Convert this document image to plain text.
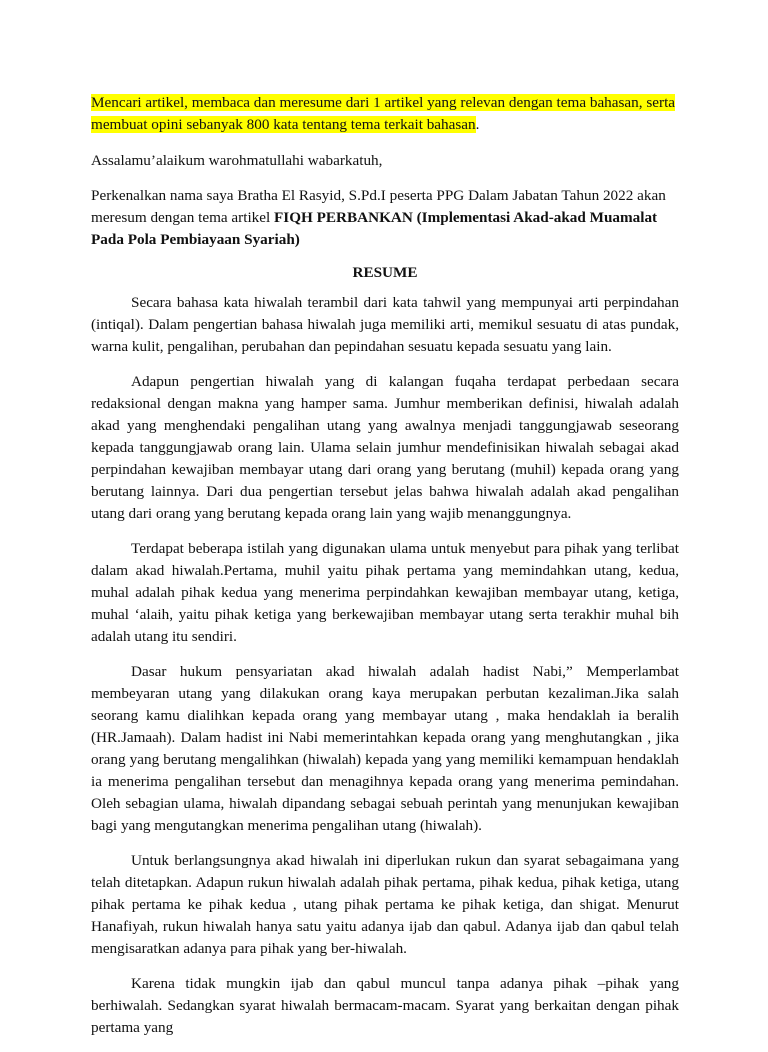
Mencari artikel, membaca dan meresume dari 1 artikel yang relevan dengan tema bahasan, serta membuat opini sebanyak 800 kata tentang tema terkait bahasan.

Assalamu’alaikum warohmatullahi wabarkatuh,

Perkenalkan nama saya Bratha El Rasyid, S.Pd.I peserta PPG Dalam Jabatan Tahun 2022 akan meresum dengan tema artikel FIQH PERBANKAN (Implementasi Akad-akad Muamalat Pada Pola Pembiayaan Syariah)

RESUME

Secara bahasa kata hiwalah terambil dari kata tahwil yang mempunyai arti perpindahan (intiqal). Dalam pengertian bahasa hiwalah juga memiliki arti, memikul sesuatu di atas pundak, warna kulit, pengalihan, perubahan dan pepindahan sesuatu kepada sesuatu yang lain.

Adapun pengertian hiwalah yang di kalangan fuqaha terdapat perbedaan secara redaksional dengan makna yang hamper sama. Jumhur memberikan definisi, hiwalah adalah akad yang menghendaki pengalihan utang yang awalnya menjadi tanggungjawab seseorang kepada tanggungjawab orang lain. Ulama selain jumhur mendefinisikan hiwalah sebagai akad perpindahan kewajiban membayar utang dari orang yang berutang (muhil) kepada orang yang berutang lainnya. Dari dua pengertian tersebut jelas bahwa hiwalah adalah akad pengalihan utang dari orang yang berutang kepada orang lain yang wajib menanggungnya.

Terdapat beberapa istilah yang digunakan ulama untuk menyebut para pihak yang terlibat dalam akad hiwalah.Pertama, muhil yaitu pihak pertama yang memindahkan utang, kedua, muhal adalah pihak kedua yang menerima perpindahkan kewajiban membayar utang, ketiga, muhal ‘alaih, yaitu pihak ketiga yang berkewajiban membayar utang serta terakhir muhal bih adalah utang itu sendiri.

Dasar hukum pensyariatan akad hiwalah adalah hadist Nabi,” Memperlambat membeyaran utang yang dilakukan orang kaya merupakan perbutan kezaliman.Jika salah seorang kamu dialihkan kepada orang yang membayar utang , maka hendaklah ia beralih (HR.Jamaah). Dalam hadist ini Nabi memerintahkan kepada orang yang menghutangkan , jika orang yang berutang mengalihkan (hiwalah) kepada yang yang memiliki kemampuan hendaklah ia menerima pengalihan tersebut dan menagihnya kepada orang yang menerima pemindahan. Oleh sebagian ulama, hiwalah dipandang sebagai sebuah perintah yang menunjukan kewajiban bagi yang mengutangkan menerima pengalihan utang (hiwalah).

Untuk berlangsungnya akad hiwalah ini diperlukan rukun dan syarat sebagaimana yang telah ditetapkan. Adapun rukun hiwalah adalah pihak pertama, pihak kedua, pihak ketiga, utang pihak pertama ke pihak kedua , utang pihak pertama ke pihak ketiga, dan shigat. Menurut Hanafiyah, rukun hiwalah hanya satu yaitu adanya ijab dan qabul. Adanya ijab dan qabul telah mengisaratkan adanya para pihak yang ber-hiwalah.

Karena tidak mungkin ijab dan qabul muncul tanpa adanya pihak –pihak yang berhiwalah. Sedangkan syarat hiwalah bermacam-macam. Syarat yang berkaitan dengan pihak pertama yang
